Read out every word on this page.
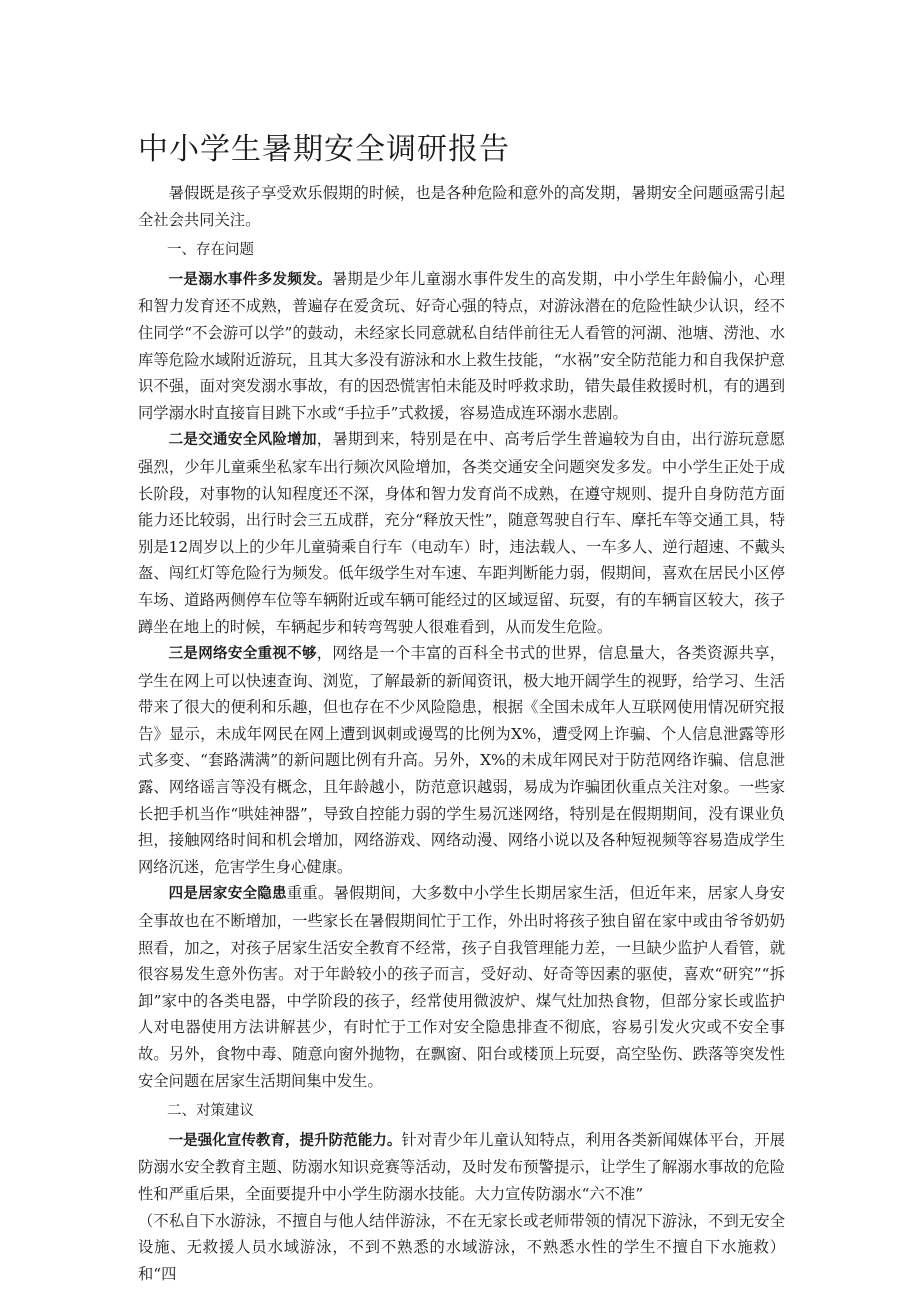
中小学生暑期安全调研报告

暑假既是孩子享受欢乐假期的时候，也是各种危险和意外的高发期，暑期安全问题亟需引起全社会共同关注。

一、存在问题

一是溺水事件多发频发。暑期是少年儿童溺水事件发生的高发期，中小学生年龄偏小，心理和智力发育还不成熟，普遍存在爱贪玩、好奇心强的特点，对游泳潜在的危险性缺少认识，经不住同学“不会游可以学”的鼓动，未经家长同意就私自结伴前往无人看管的河湖、池塘、涝池、水库等危险水域附近游玩，且其大多没有游泳和水上救生技能，“水祸”安全防范能力和自我保护意识不强，面对突发溺水事故，有的因恐慌害怕未能及时呼救求助，错失最佳救援时机，有的遇到同学溺水时直接盲目跳下水或“手拉手”式救援，容易造成连环溺水悲剧。

二是交通安全风险增加，暑期到来，特别是在中、高考后学生普遍较为自由，出行游玩意愿强烈，少年儿童乘坐私家车出行频次风险增加，各类交通安全问题突发多发。中小学生正处于成长阶段，对事物的认知程度还不深，身体和智力发育尚不成熟，在遵守规则、提升自身防范方面能力还比较弱，出行时会三五成群，充分“释放天性”，随意驾驶自行车、摩托车等交通工具，特别是12周岁以上的少年儿童骑乘自行车（电动车）时，违法载人、一车多人、逆行超速、不戴头盔、闯红灯等危险行为频发。低年级学生对车速、车距判断能力弱，假期间，喜欢在居民小区停车场、道路两侧停车位等车辆附近或车辆可能经过的区域逗留、玩耍，有的车辆盲区较大，孩子蹲坐在地上的时候，车辆起步和转弯驾驶人很难看到，从而发生危险。

三是网络安全重视不够，网络是一个丰富的百科全书式的世界，信息量大，各类资源共享，学生在网上可以快速查询、浏览，了解最新的新闻资讯，极大地开阔学生的视野，给学习、生活带来了很大的便利和乐趣，但也存在不少风险隐患，根据《全国未成年人互联网使用情况研究报告》显示，未成年网民在网上遭到讽刺或谩骂的比例为X%，遭受网上诈骗、个人信息泄露等形式多变、“套路满满”的新问题比例有升高。另外，X%的未成年网民对于防范网络诈骗、信息泄露、网络谣言等没有概念，且年龄越小，防范意识越弱，易成为诈骗团伙重点关注对象。一些家长把手机当作“哄娃神器”，导致自控能力弱的学生易沉迷网络，特别是在假期期间，没有课业负担，接触网络时间和机会增加，网络游戏、网络动漫、网络小说以及各种短视频等容易造成学生网络沉迷，危害学生身心健康。

四是居家安全隐患重重。暑假期间，大多数中小学生长期居家生活，但近年来，居家人身安全事故也在不断增加，一些家长在暑假期间忙于工作，外出时将孩子独自留在家中或由爷爷奶奶照看，加之，对孩子居家生活安全教育不经常，孩子自我管理能力差，一旦缺少监护人看管，就很容易发生意外伤害。对于年龄较小的孩子而言，受好动、好奇等因素的驱使，喜欢“研究”“拆卸”家中的各类电器，中学阶段的孩子，经常使用微波炉、煤气灶加热食物，但部分家长或监护人对电器使用方法讲解甚少，有时忙于工作对安全隐患排查不彻底，容易引发火灾或不安全事故。另外，食物中毒、随意向窗外抛物，在飘窗、阳台或楼顶上玩耍，高空坠伤、跌落等突发性安全问题在居家生活期间集中发生。

二、对策建议

一是强化宣传教育，提升防范能力。针对青少年儿童认知特点，利用各类新闻媒体平台，开展防溺水安全教育主题、防溺水知识竞赛等活动，及时发布预警提示，让学生了解溺水事故的危险性和严重后果，全面要提升中小学生防溺水技能。大力宣传防溺水“六不准”

（不私自下水游泳，不擅自与他人结伴游泳，不在无家长或老师带领的情况下游泳，不到无安全设施、无救援人员水域游泳，不到不熟悉的水域游泳，不熟悉水性的学生不擅自下水施救）和“四
